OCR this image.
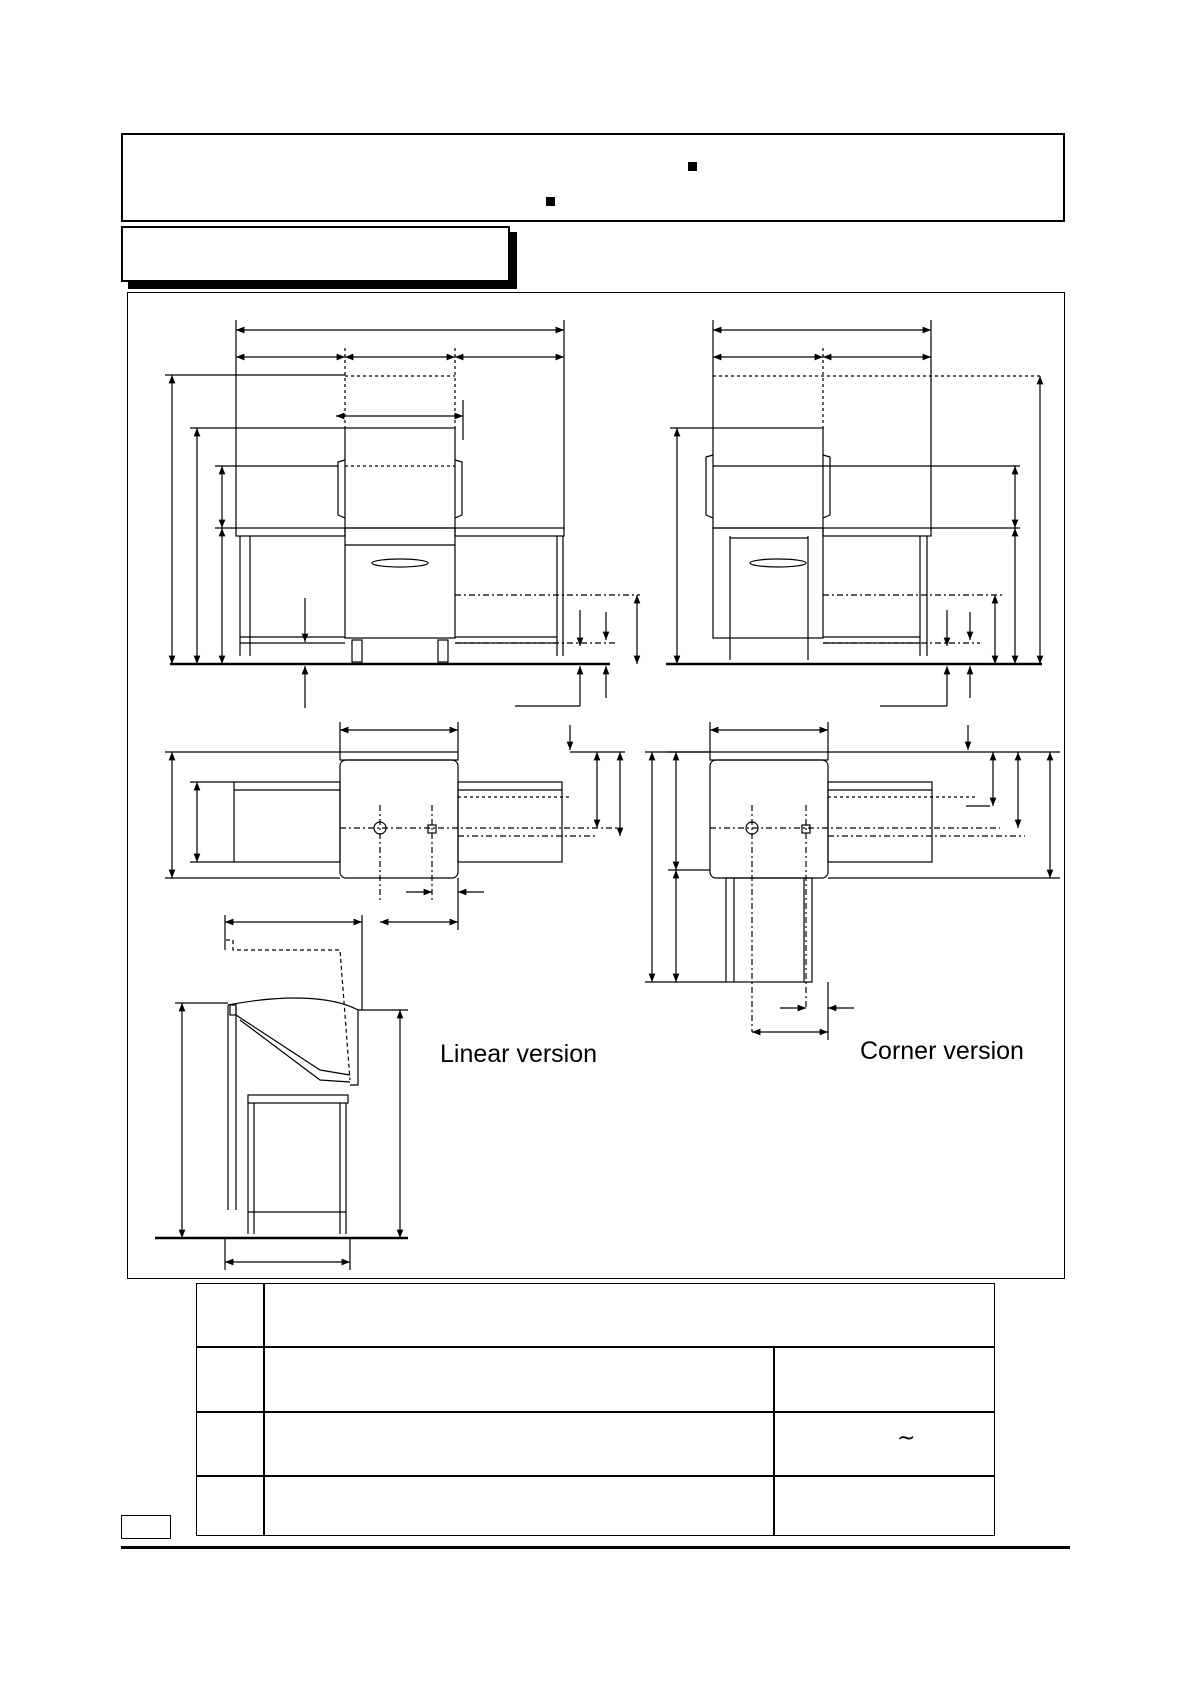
Linear version	Corner version
~
